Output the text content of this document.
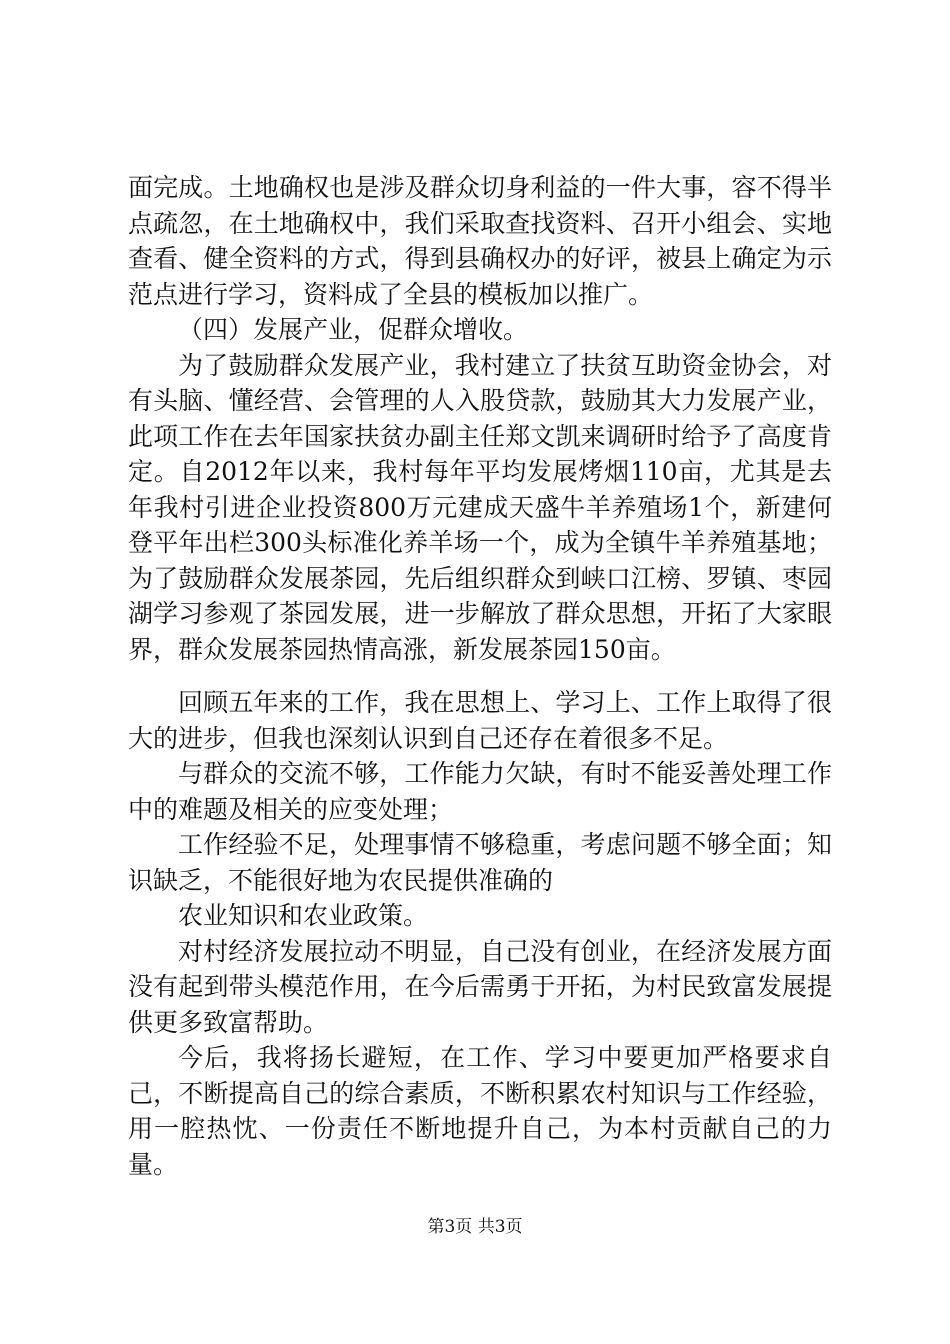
面完成。土地确权也是涉及群众切身利益的一件大事，容不得半点疏忽，在土地确权中，我们采取查找资料、召开小组会、实地查看、健全资料的方式，得到县确权办的好评，被县上确定为示范点进行学习，资料成了全县的模板加以推广。

（四）发展产业，促群众增收。

为了鼓励群众发展产业，我村建立了扶贫互助资金协会，对有头脑、懂经营、会管理的人入股贷款，鼓励其大力发展产业，此项工作在去年国家扶贫办副主任郑文凯来调研时给予了高度肯定。自2012年以来，我村每年平均发展烤烟110亩，尤其是去年我村引进企业投资800万元建成天盛牛羊养殖场1个，新建何登平年出栏300头标准化养羊场一个，成为全镇牛羊养殖基地；为了鼓励群众发展茶园，先后组织群众到峡口江榜、罗镇、枣园湖学习参观了茶园发展，进一步解放了群众思想，开拓了大家眼界，群众发展茶园热情高涨，新发展茶园150亩。

回顾五年来的工作，我在思想上、学习上、工作上取得了很大的进步，但我也深刻认识到自己还存在着很多不足。

与群众的交流不够，工作能力欠缺，有时不能妥善处理工作中的难题及相关的应变处理；

工作经验不足，处理事情不够稳重，考虑问题不够全面；知识缺乏，不能很好地为农民提供准确的

农业知识和农业政策。

对村经济发展拉动不明显，自己没有创业，在经济发展方面没有起到带头模范作用，在今后需勇于开拓，为村民致富发展提供更多致富帮助。

今后，我将扬长避短，在工作、学习中要更加严格要求自己，不断提高自己的综合素质，不断积累农村知识与工作经验，用一腔热忱、一份责任不断地提升自己，为本村贡献自己的力量。

第3页 共3页
